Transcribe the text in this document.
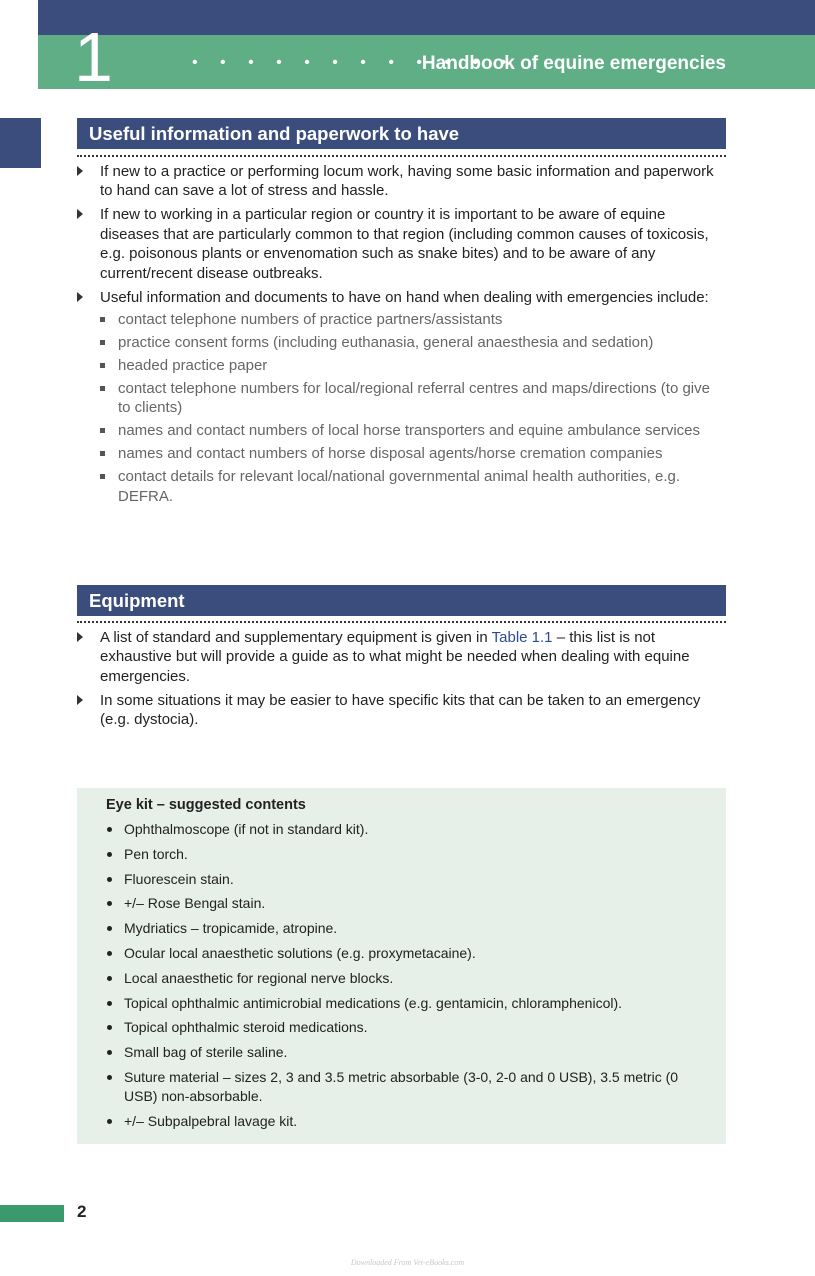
1	• • • • • • • • • • • •
Handbook of equine emergencies
Useful information and paperwork to have
If new to a practice or performing locum work, having some basic information and paperwork to hand can save a lot of stress and hassle.
If new to working in a particular region or country it is important to be aware of equine diseases that are particularly common to that region (including common causes of toxicosis, e.g. poisonous plants or envenomation such as snake bites) and to be aware of any current/recent disease outbreaks.
Useful information and documents to have on hand when dealing with emergencies include:
contact telephone numbers of practice partners/assistants
practice consent forms (including euthanasia, general anaesthesia and sedation)
headed practice paper
contact telephone numbers for local/regional referral centres and maps/directions (to give to clients)
names and contact numbers of local horse transporters and equine ambulance services
names and contact numbers of horse disposal agents/horse cremation companies
contact details for relevant local/national governmental animal health authorities, e.g. DEFRA.
Equipment
A list of standard and supplementary equipment is given in Table 1.1 – this list is not exhaustive but will provide a guide as to what might be needed when dealing with equine emergencies.
In some situations it may be easier to have specific kits that can be taken to an emergency (e.g. dystocia).
Eye kit – suggested contents
Ophthalmoscope (if not in standard kit).
Pen torch.
Fluorescein stain.
+/– Rose Bengal stain.
Mydriatics – tropicamide, atropine.
Ocular local anaesthetic solutions (e.g. proxymetacaine).
Local anaesthetic for regional nerve blocks.
Topical ophthalmic antimicrobial medications (e.g. gentamicin, chloramphenicol).
Topical ophthalmic steroid medications.
Small bag of sterile saline.
Suture material – sizes 2, 3 and 3.5 metric absorbable (3-0, 2-0 and 0 USB), 3.5 metric (0 USB) non-absorbable.
+/– Subpalpebral lavage kit.
2
Downloaded From Vet-eBooks.com
